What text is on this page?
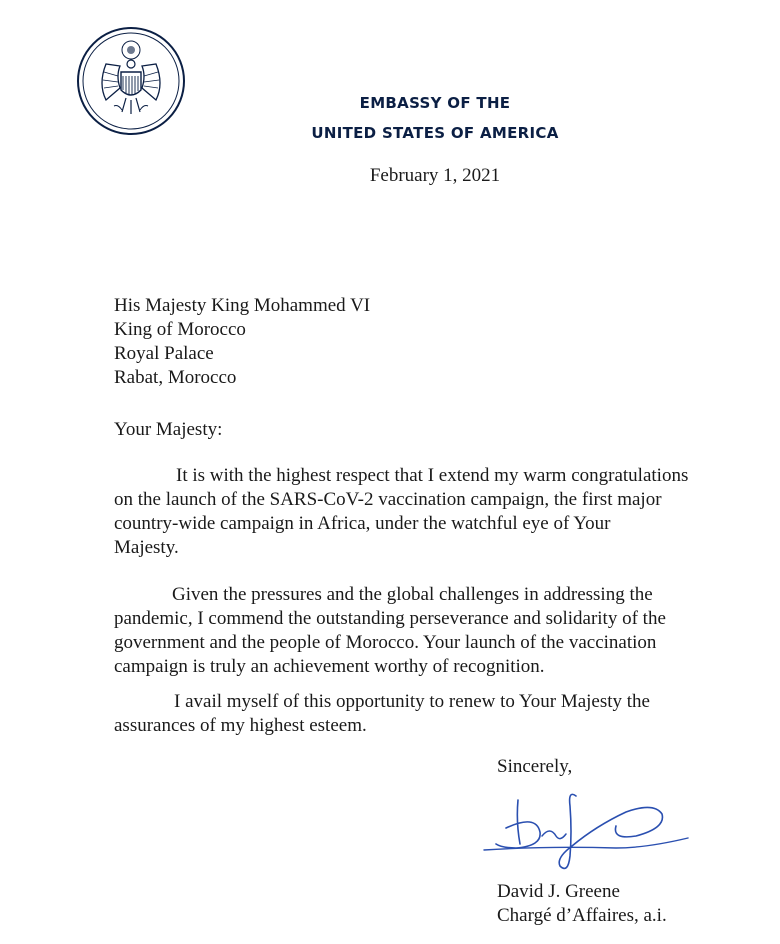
EMBASSY OF THE
UNITED STATES OF AMERICA
February 1, 2021
His Majesty King Mohammed VI
King of Morocco
Royal Palace
Rabat, Morocco
Your Majesty:
It is with the highest respect that I extend my warm congratulations
on the launch of the SARS-CoV-2 vaccination campaign, the first major
country-wide campaign in Africa, under the watchful eye of Your
Majesty.
Given the pressures and the global challenges in addressing the
pandemic, I commend the outstanding perseverance and solidarity of the
government and the people of Morocco. Your launch of the vaccination
campaign is truly an achievement worthy of recognition.
I avail myself of this opportunity to renew to Your Majesty the
assurances of my highest esteem.
Sincerely,
David J. Greene
Chargé d’Affaires, a.i.
